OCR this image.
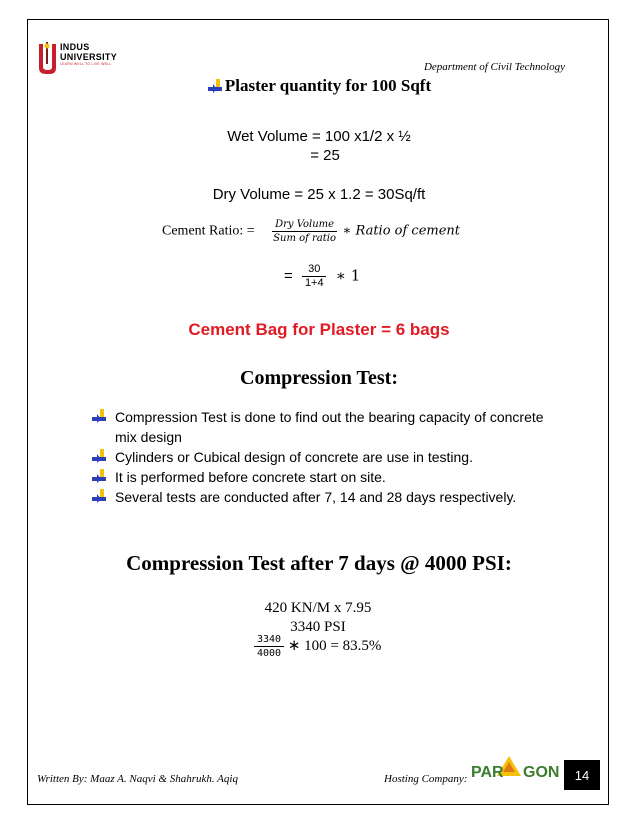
INDUS
UNIVERSITY
LEARN WELL TO LIVE WELL	Department of Civil Technology
Plaster quantity for 100 Sqft
Wet Volume = 100 x1/2 x ½
= 25
Dry Volume = 25 x 1.2 = 30Sq/ft
Cement Ratio: = $\frac{\text{Dry Volume}}{\text{Sum of ratio}}$ ∗ Ratio of cement
= $\frac{30}{1+4}$ ∗ 1
Cement Bag for Plaster = 6 bags
Compression Test:
Compression Test is done to find out the bearing capacity of concrete mix design
Cylinders or Cubical design of concrete are use in testing.
It is performed before concrete start on site.
Several tests are conducted after 7, 14 and 28 days respectively.
Compression Test after 7 days @ 4000 PSI:
420 KN/M x 7.95
3340 PSI
$\frac{3340}{4000}$ ∗ 100 = 83.5%
Written By: Maaz A. Naqvi & Shahrukh. Aqiq	Hosting Company: PAR GON	14
